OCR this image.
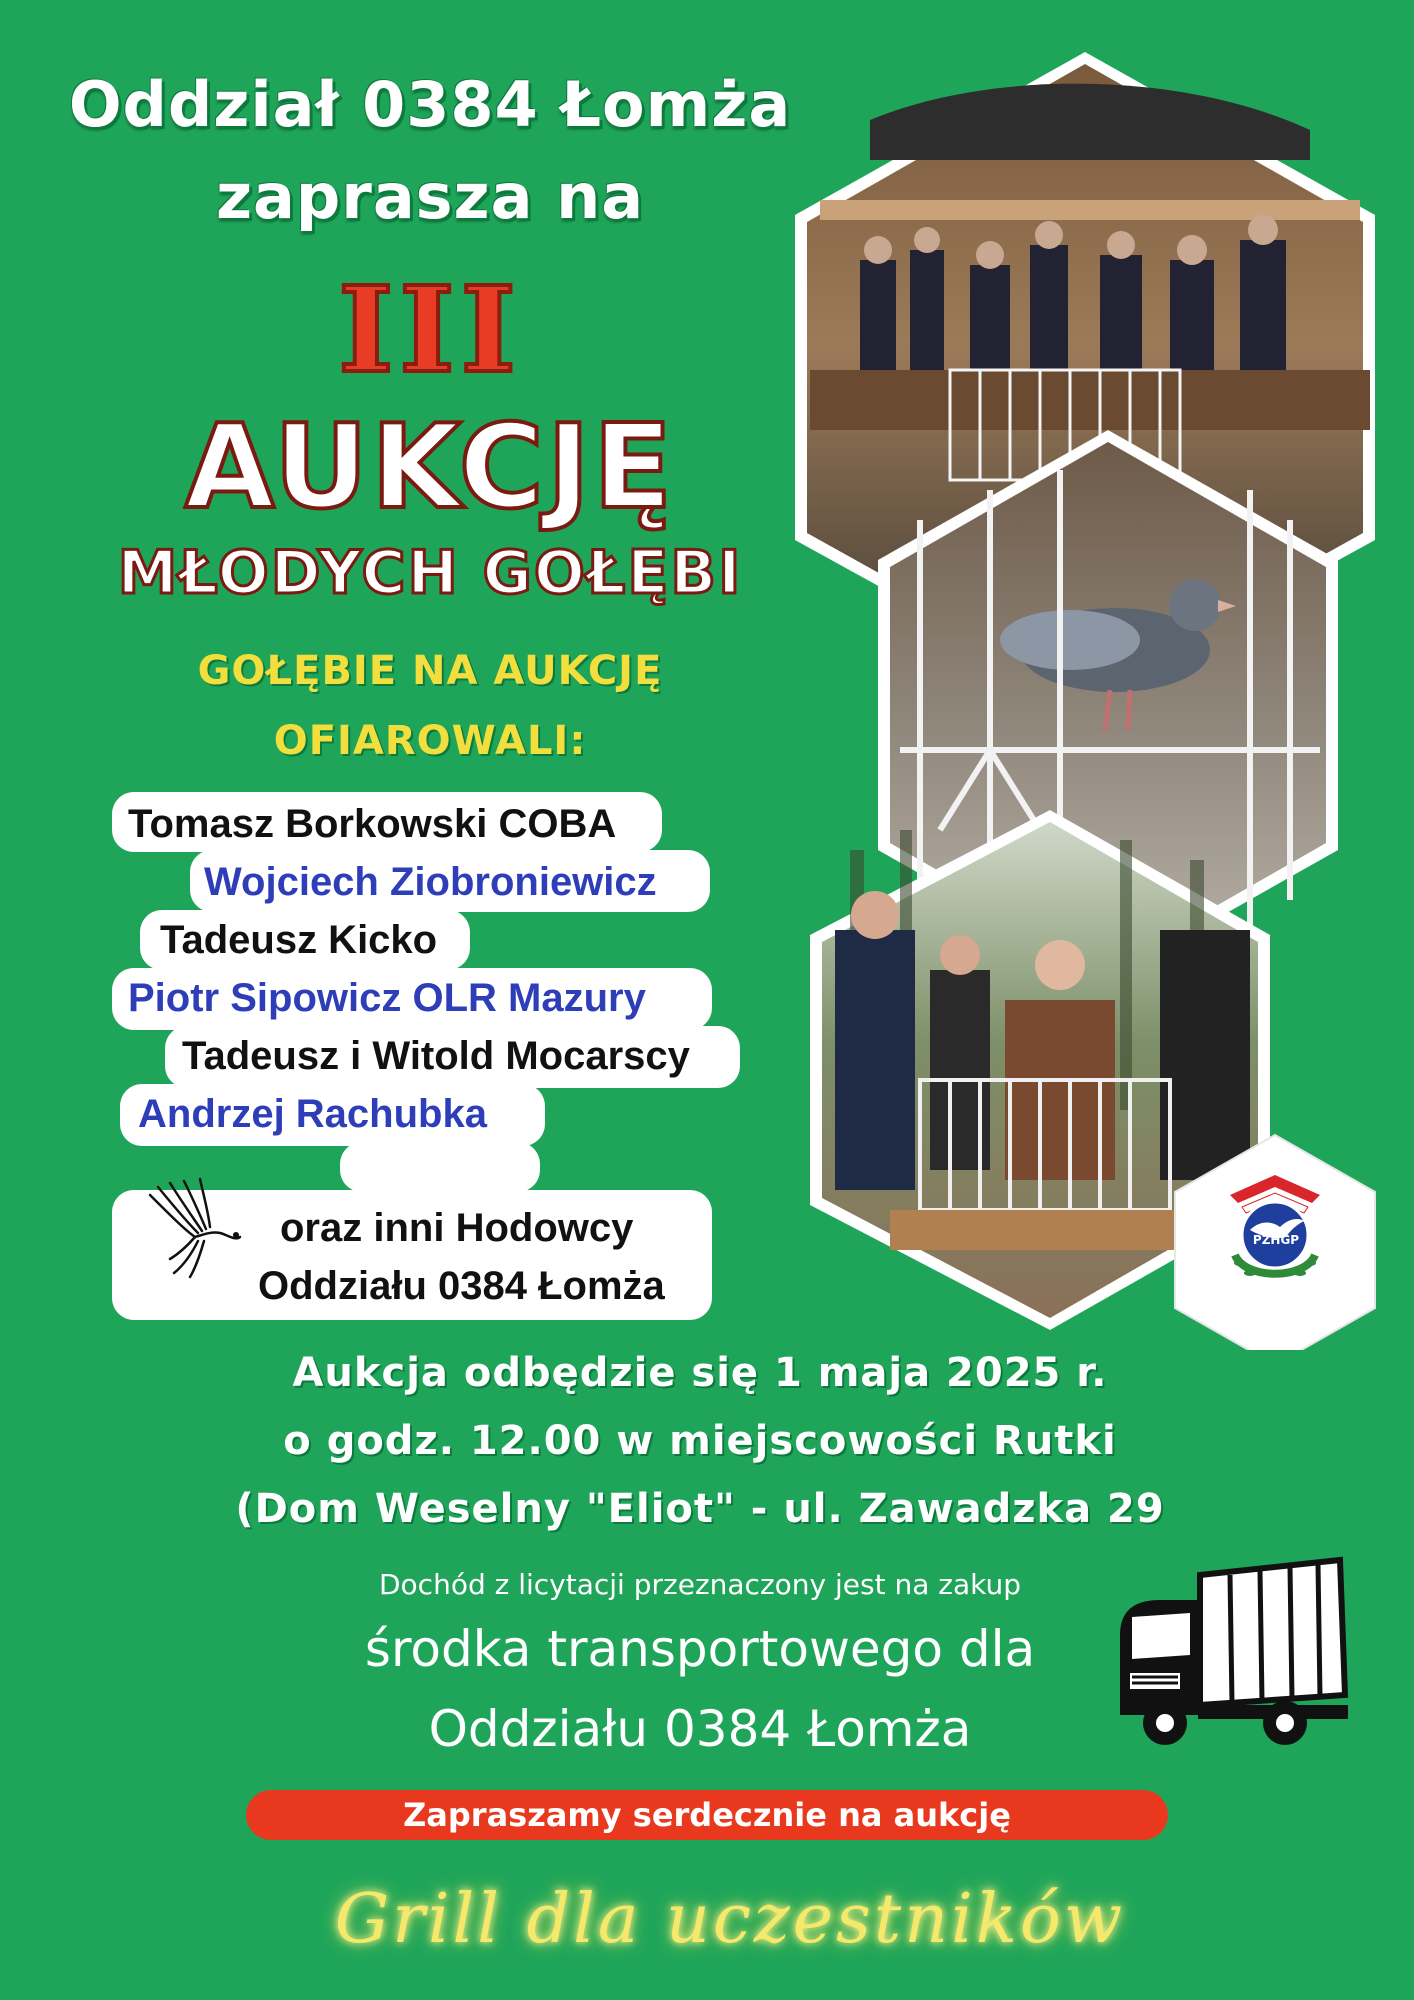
Oddział 0384 Łomża
zaprasza na
III
AUKCJĘ
MŁODYCH GOŁĘBI
GOŁĘBIE NA AUKCJĘ
OFIAROWALI:
Tomasz Borkowski COBA
Wojciech Ziobroniewicz
Tadeusz Kicko
Piotr Sipowicz OLR Mazury
Tadeusz i Witold Mocarscy
Andrzej Rachubka
oraz inni Hodowcy
Oddziału 0384 Łomża
PZHGP
Aukcja odbędzie się 1 maja 2025 r.
o godz. 12.00 w miejscowości Rutki
(Dom Weselny "Eliot" - ul. Zawadzka 29
Dochód z licytacji przeznaczony jest na zakup
środka transportowego dla
Oddziału 0384 Łomża
Zapraszamy serdecznie na aukcję
Grill dla uczestników
